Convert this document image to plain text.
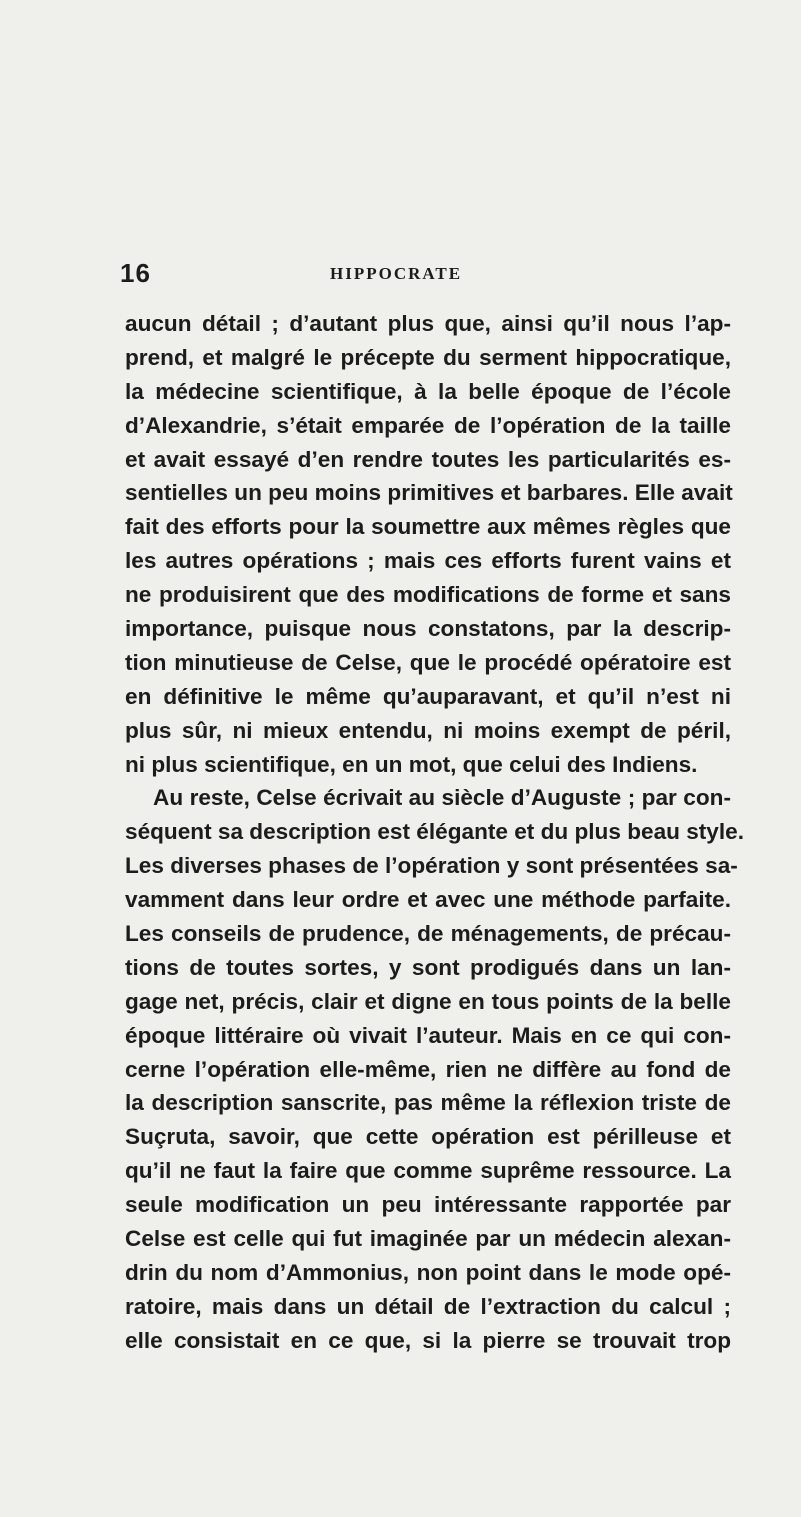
16	HIPPOCRATE
aucun détail ; d’autant plus que, ainsi qu’il nous l’ap-
prend, et malgré le précepte du serment hippocratique,
la médecine scientifique, à la belle époque de l’école
d’Alexandrie, s’était emparée de l’opération de la taille
et avait essayé d’en rendre toutes les particularités es-
sentielles un peu moins primitives et barbares. Elle avait
fait des efforts pour la soumettre aux mêmes règles que
les autres opérations ; mais ces efforts furent vains et
ne produisirent que des modifications de forme et sans
importance, puisque nous constatons, par la descrip-
tion minutieuse de Celse, que le procédé opératoire est
en définitive le même qu’auparavant, et qu’il n’est ni
plus sûr, ni mieux entendu, ni moins exempt de péril,
ni plus scientifique, en un mot, que celui des Indiens.
Au reste, Celse écrivait au siècle d’Auguste ; par con-
séquent sa description est élégante et du plus beau style.
Les diverses phases de l’opération y sont présentées sa-
vamment dans leur ordre et avec une méthode parfaite.
Les conseils de prudence, de ménagements, de précau-
tions de toutes sortes, y sont prodigués dans un lan-
gage net, précis, clair et digne en tous points de la belle
époque littéraire où vivait l’auteur. Mais en ce qui con-
cerne l’opération elle-même, rien ne diffère au fond de
la description sanscrite, pas même la réflexion triste de
Suçruta, savoir, que cette opération est périlleuse et
qu’il ne faut la faire que comme suprême ressource. La
seule modification un peu intéressante rapportée par
Celse est celle qui fut imaginée par un médecin alexan-
drin du nom d’Ammonius, non point dans le mode opé-
ratoire, mais dans un détail de l’extraction du calcul ;
elle consistait en ce que, si la pierre se trouvait trop
